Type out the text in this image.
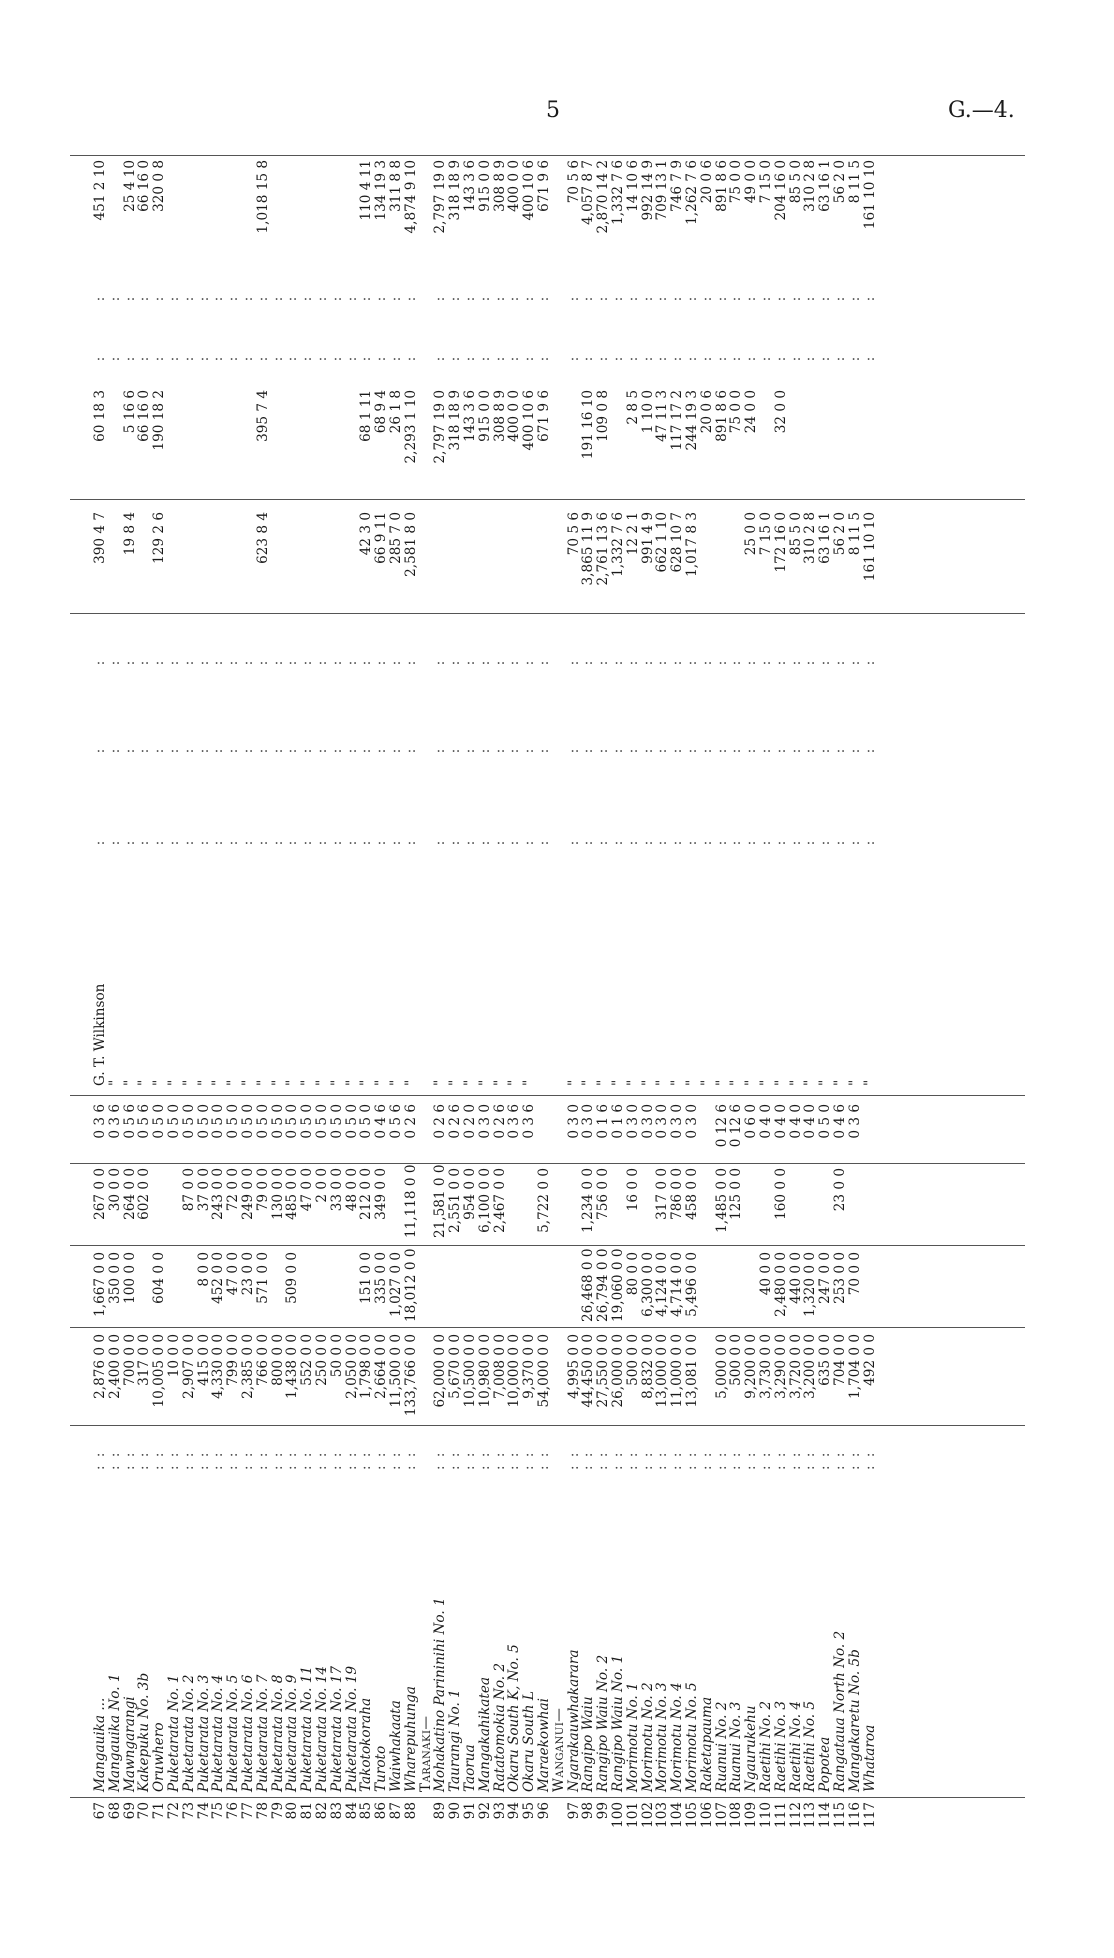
5	G.—4.
67
Mangauika ...
: :
2,876 0 0
1,667 0 0
267 0 0
0 3 6
G. T. Wilkinson
:
:
:
390 4 7
60 18 3
:
:
451 2 10
68
Mangauika No. 1
: :
2,400 0 0
350 0 0
30 0 0
0 3 6
"
:
:
:
:
:
69
Mawngarangi
: :
700 0 0
100 0 0
264 0 0
0 5 6
"
:
:
:
19 8 4
5 16 6
:
:
25 4 10
70
Kakepuku No. 3b
: :
317 0 0
602 0 0
0 5 6
"
:
:
:
66 16 0
:
:
66 16 0
71
Oruwhero
: :
10,005 0 0
604 0 0
0 5 0
"
:
:
:
129 2 6
190 18 2
:
:
320 0 8
72
Puketarata No. 1
: :
10 0 0
0 5 0
"
:
:
:
:
:
73
Puketarata No. 2
: :
2,907 0 0
87 0 0
0 5 0
"
:
:
:
:
:
74
Puketarata No. 3
: :
415 0 0
8 0 0
37 0 0
0 5 0
"
:
:
:
:
:
75
Puketarata No. 4
: :
4,330 0 0
452 0 0
243 0 0
0 5 0
"
:
:
:
:
:
76
Puketarata No. 5
: :
799 0 0
47 0 0
72 0 0
0 5 0
"
:
:
:
:
:
77
Puketarata No. 6
: :
2,385 0 0
23 0 0
249 0 0
0 5 0
"
:
:
:
:
:
78
Puketarata No. 7
: :
766 0 0
571 0 0
79 0 0
0 5 0
"
:
:
:
623 8 4
395 7 4
:
:
1,018 15 8
79
Puketarata No. 8
: :
800 0 0
130 0 0
0 5 0
"
:
:
:
:
:
80
Puketarata No. 9
: :
1,438 0 0
509 0 0
485 0 0
0 5 0
"
:
:
:
:
:
81
Puketarata No. 11
: :
552 0 0
47 0 0
0 5 0
"
:
:
:
:
:
82
Puketarata No. 14
: :
250 0 0
2 0 0
0 5 0
"
:
:
:
:
:
83
Puketarata No. 17
: :
50 0 0
33 0 0
0 5 0
"
:
:
:
:
:
84
Puketarata No. 19
: :
2,050 0 0
48 0 0
0 5 0
"
:
:
:
:
:
85
Takotokoraha
: :
1,798 0 0
151 0 0
212 0 0
0 5 0
"
:
:
:
42 3 0
68 1 11
:
:
110 4 11
86
Turoto
: :
2,664 0 0
335 0 0
349 0 0
0 4 6
"
:
:
:
66 9 11
68 9 4
:
:
134 19 3
87
Waiwhakaata
: :
11,500 0 0
1,027 0 0
0 5 6
"
:
:
:
285 7 0
26 1 8
:
:
311 8 8
88
Wharepuhunga
: :
133,766 0 0
18,012 0 0
11,118 0 0
0 2 6
"
:
:
:
2,581 8 0
2,293 1 10
:
:
4,874 9 10
Taranaki—
89
Mohakatino Parininihi No. 1
: :
62,000 0 0
21,581 0 0
0 2 6
"
:
:
:
2,797 19 0
:
:
2,797 19 0
90
Taurangi No. 1
: :
5,670 0 0
2,551 0 0
0 2 6
"
:
:
:
318 18 9
:
:
318 18 9
91
Taorua
: :
10,500 0 0
954 0 0
0 2 0
"
:
:
:
143 3 6
:
:
143 3 6
92
Mangakahikatea
: :
10,980 0 0
6,100 0 0
0 3 0
"
:
:
:
915 0 0
:
:
915 0 0
93
Ratatomokia No. 2
: :
7,008 0 0
2,467 0 0
0 2 6
"
:
:
:
308 8 9
:
:
308 8 9
94
Okaru South K, No. 5
: :
10,000 0 0
0 3 6
"
:
:
:
400 0 0
:
:
400 0 0
95
Okaru South L
: :
9,370 0 0
0 3 6
"
:
:
:
400 10 6
:
:
400 10 6
96
Maraekowhai
: :
54,000 0 0
5,722 0 0
:
:
:
671 9 6
:
:
671 9 6
Wanganui—
97
Ngarakauwhakarara
: :
4,995 0 0
0 3 0
"
:
:
:
70 5 6
:
:
70 5 6
98
Rangipo Waiu
: :
44,450 0 0
26,468 0 0
1,234 0 0
0 3 0
"
:
:
:
3,865 11 9
191 16 10
:
:
4,057 8 7
99
Rangipo Waiu No. 2
: :
27,550 0 0
26,794 0 0
756 0 0
0 1 6
"
:
:
:
2,761 13 6
109 0 8
:
:
2,870 14 2
100
Rangipo Waiu No. 1
: :
26,000 0 0
19,060 0 0
0 1 6
"
:
:
:
1,332 7 6
:
:
1,332 7 6
101
Morimotu No. 1
: :
500 0 0
80 0 0
16 0 0
0 3 0
"
:
:
:
12 2 1
2 8 5
:
:
14 10 6
102
Morimotu No. 2
: :
8,832 0 0
6,300 0 0
0 3 0
"
:
:
:
991 4 9
1 10 0
:
:
992 14 9
103
Morimotu No. 3
: :
13,000 0 0
4,124 0 0
317 0 0
0 3 0
"
:
:
:
662 1 10
47 11 3
:
:
709 13 1
104
Morimotu No. 4
: :
11,000 0 0
4,714 0 0
786 0 0
0 3 0
"
:
:
:
628 10 7
117 17 2
:
:
746 7 9
105
Morimotu No. 5
: :
13,081 0 0
5,496 0 0
458 0 0
0 3 0
"
:
:
:
1,017 8 3
244 19 3
:
:
1,262 7 6
106
Raketapauma
: :
"
:
:
:
20 0 6
:
:
20 0 6
107
Ruanui No. 2
: :
5,000 0 0
1,485 0 0
0 12 6
"
:
:
:
891 8 6
:
:
891 8 6
108
Ruanui No. 3
: :
500 0 0
125 0 0
0 12 6
"
:
:
:
75 0 0
:
:
75 0 0
109
Ngaurukehu
: :
9,200 0 0
0 6 0
"
:
:
:
25 0 0
24 0 0
:
:
49 0 0
110
Raetihi No. 2
: :
3,730 0 0
40 0 0
0 4 0
"
:
:
:
7 15 0
:
:
7 15 0
111
Raetihi No. 3
: :
3,290 0 0
2,480 0 0
160 0 0
0 4 0
"
:
:
:
172 16 0
32 0 0
:
:
204 16 0
112
Raetihi No. 4
: :
3,720 0 0
440 0 0
0 4 0
"
:
:
:
85 5 0
:
:
85 5 0
113
Raetihi No. 5
: :
3,200 0 0
1,320 0 0
0 4 0
"
:
:
:
310 2 8
:
:
310 2 8
114
Popotea
: :
635 0 0
247 0 0
0 5 0
"
:
:
:
63 16 1
:
:
63 16 1
115
Rangataua North No. 2
: :
704 0 0
253 0 0
23 0 0
0 4 6
"
:
:
:
56 2 0
:
:
56 2 0
116
Mangakaretu No. 5b
: :
1,704 0 0
70 0 0
0 3 6
"
:
:
:
8 11 5
:
:
8 11 5
117
Whataroa
: :
492 0 0
"
:
:
:
161 10 10
:
:
161 10 10
